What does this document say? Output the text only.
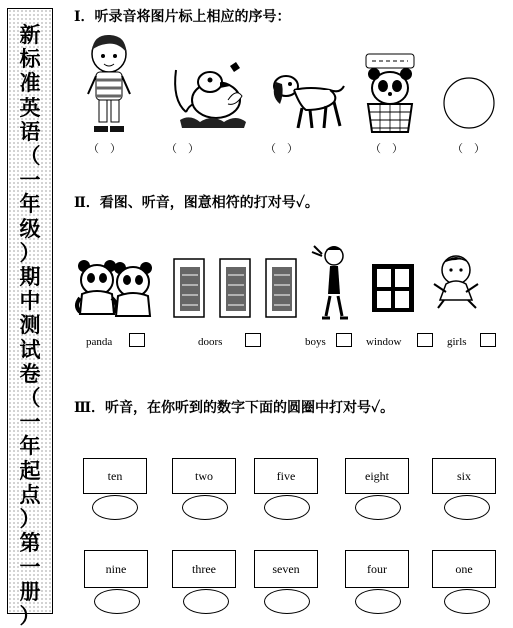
新
标
准
英
语
（
一
年
级
）
期
中
测
试
卷
（
一
年
起
点
）
第
一
册
）
Ⅰ．听录音将图片标上相应的序号：
（　）	（　）	（　）	（　）	（　）
Ⅱ．看图、听音，图意相符的打对号✓。
panda	doors	boys	window	girls
Ⅲ．听音，在你听到的数字下面的圆圈中打对号✓。
ten	two	five	eight	six
nine	three	seven	four	one
